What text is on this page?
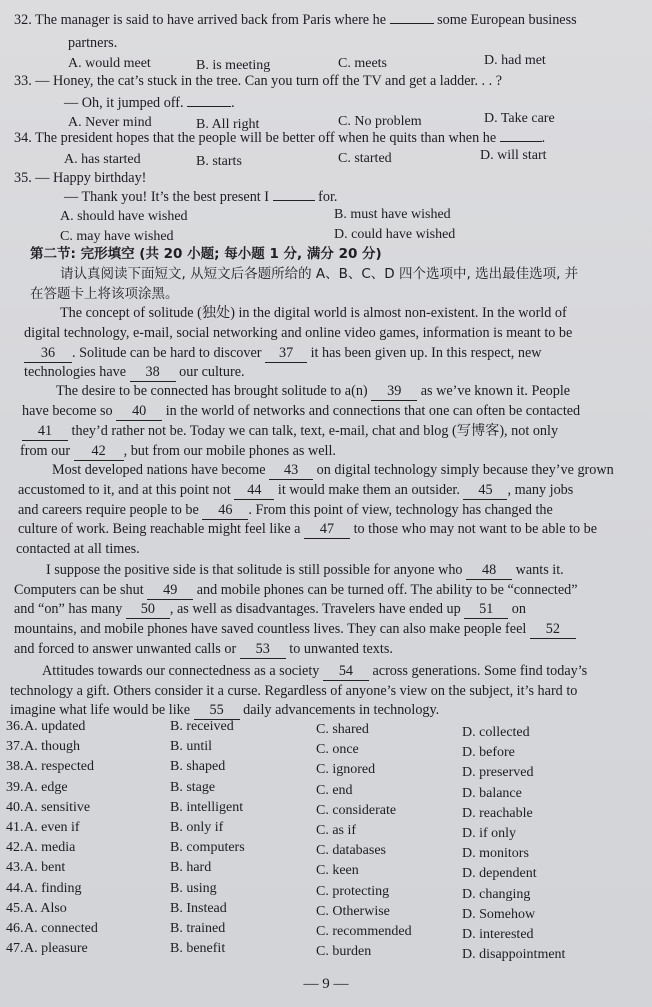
32. The manager is said to have arrived back from Paris where he	some European business
partners.
A. would meet	B. is meeting	C. meets	D. had met
33. — Honey, the cat’s stuck in the tree. Can you turn off the TV and get a ladder. . . ?
— Oh, it jumped off.	.
A. Never mind	B. All right	C. No problem	D. Take care
34. The president hopes that the people will be better off when he quits than when he	.
A. has started	B. starts	C. started	D. will start
35. — Happy birthday!
— Thank you! It’s the best present I	for.
A. should have wished	B. must have wished
C. may have wished	D. could have wished
第二节: 完形填空 (共 20 小题; 每小题 1 分, 满分 20 分)
请认真阅读下面短文, 从短文后各题所给的 A、B、C、D 四个选项中, 选出最佳选项, 并
在答题卡上将该项涂黑。
The concept of solitude (独处) in the digital world is almost non-existent. In the world of
digital technology, e-mail, social networking and online video games, information is meant to be
36 . Solitude can be hard to discover 37 it has been given up. In this respect, new
technologies have 38 our culture.
The desire to be connected has brought solitude to a(n) 39 as we’ve known it. People
have become so 40 in the world of networks and connections that one can often be contacted
41 they’d rather not be. Today we can talk, text, e-mail, chat and blog (写博客), not only
from our 42 , but from our mobile phones as well.
Most developed nations have become 43 on digital technology simply because they’ve grown
accustomed to it, and at this point not 44 it would make them an outsider. 45 , many jobs
and careers require people to be 46 . From this point of view, technology has changed the
culture of work. Being reachable might feel like a 47 to those who may not want to be able to be
contacted at all times.
I suppose the positive side is that solitude is still possible for anyone who 48 wants it.
Computers can be shut 49 and mobile phones can be turned off. The ability to be “connected”
and “on” has many 50 , as well as disadvantages. Travelers have ended up 51 on
mountains, and mobile phones have saved countless lives. They can also make people feel 52
and forced to answer unwanted calls or 53 to unwanted texts.
Attitudes towards our connectedness as a society 54 across generations. Some find today’s
technology a gift. Others consider it a curse. Regardless of anyone’s view on the subject, it’s hard to
imagine what life would be like 55 daily advancements in technology.
36. A. updated	B. received	C. shared	D. collected
37. A. though	B. until	C. once	D. before
38. A. respected	B. shaped	C. ignored	D. preserved
39. A. edge	B. stage	C. end	D. balance
40. A. sensitive	B. intelligent	C. considerate	D. reachable
41. A. even if	B. only if	C. as if	D. if only
42. A. media	B. computers	C. databases	D. monitors
43. A. bent	B. hard	C. keen	D. dependent
44. A. finding	B. using	C. protecting	D. changing
45. A. Also	B. Instead	C. Otherwise	D. Somehow
46. A. connected	B. trained	C. recommended	D. interested
47. A. pleasure	B. benefit	C. burden	D. disappointment
— 9 —
